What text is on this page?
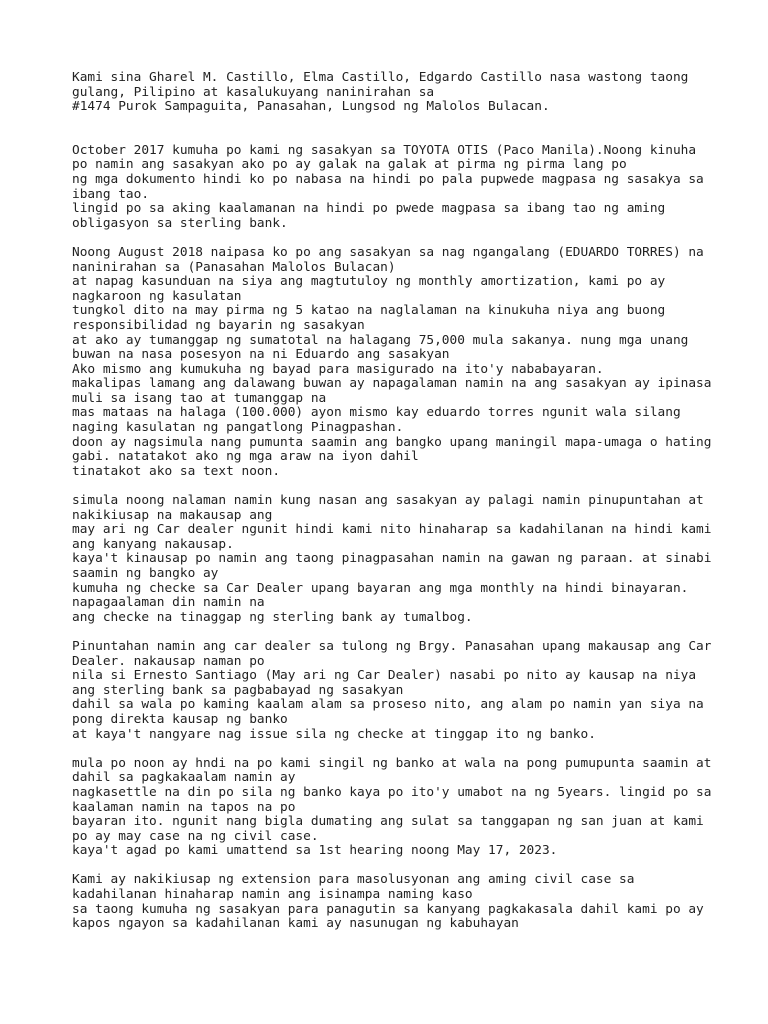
Kami sina Gharel M. Castillo, Elma Castillo, Edgardo Castillo nasa wastong taong
gulang, Pilipino at kasalukuyang naninirahan sa
#1474 Purok Sampaguita, Panasahan, Lungsod ng Malolos Bulacan.
October 2017 kumuha po kami ng sasakyan sa TOYOTA OTIS (Paco Manila).Noong kinuha
po namin ang sasakyan ako po ay galak na galak at pirma ng pirma lang po
ng mga dokumento hindi ko po nabasa na hindi po pala pupwede magpasa ng sasakya sa
ibang tao.
lingid po sa aking kaalamanan na hindi po pwede magpasa sa ibang tao ng aming
obligasyon sa sterling bank.
Noong August 2018 naipasa ko po ang sasakyan sa nag ngangalang (EDUARDO TORRES) na
naninirahan sa (Panasahan Malolos Bulacan)
at napag kasunduan na siya ang magtutuloy ng monthly amortization, kami po ay
nagkaroon ng kasulatan
tungkol dito na may pirma ng 5 katao na naglalaman na kinukuha niya ang buong
responsibilidad ng bayarin ng sasakyan
at ako ay tumanggap ng sumatotal na halagang 75,000 mula sakanya. nung mga unang
buwan na nasa posesyon na ni Eduardo ang sasakyan
Ako mismo ang kumukuha ng bayad para masigurado na ito'y nababayaran.
makalipas lamang ang dalawang buwan ay napagalaman namin na ang sasakyan ay ipinasa
muli sa isang tao at tumanggap na
mas mataas na halaga (100.000) ayon mismo kay eduardo torres ngunit wala silang
naging kasulatan ng pangatlong Pinagpashan.
doon ay nagsimula nang pumunta saamin ang bangko upang maningil mapa-umaga o hating
gabi. natatakot ako ng mga araw na iyon dahil
tinatakot ako sa text noon.
simula noong nalaman namin kung nasan ang sasakyan ay palagi namin pinupuntahan at
nakikiusap na makausap ang
may ari ng Car dealer ngunit hindi kami nito hinaharap sa kadahilanan na hindi kami
ang kanyang nakausap.
kaya't kinausap po namin ang taong pinagpasahan namin na gawan ng paraan. at sinabi
saamin ng bangko ay
kumuha ng checke sa Car Dealer upang bayaran ang mga monthly na hindi binayaran.
napagaalaman din namin na
ang checke na tinaggap ng sterling bank ay tumalbog.
Pinuntahan namin ang car dealer sa tulong ng Brgy. Panasahan upang makausap ang Car
Dealer. nakausap naman po
nila si Ernesto Santiago (May ari ng Car Dealer) nasabi po nito ay kausap na niya
ang sterling bank sa pagbabayad ng sasakyan
dahil sa wala po kaming kaalam alam sa proseso nito, ang alam po namin yan siya na
pong direkta kausap ng banko
at kaya't nangyare nag issue sila ng checke at tinggap ito ng banko.
mula po noon ay hndi na po kami singil ng banko at wala na pong pumupunta saamin at
dahil sa pagkakaalam namin ay
nagkasettle na din po sila ng banko kaya po ito'y umabot na ng 5years. lingid po sa
kaalaman namin na tapos na po
bayaran ito. ngunit nang bigla dumating ang sulat sa tanggapan ng san juan at kami
po ay may case na ng civil case.
kaya't agad po kami umattend sa 1st hearing noong May 17, 2023.
Kami ay nakikiusap ng extension para masolusyonan ang aming civil case sa
kadahilanan hinaharap namin ang isinampa naming kaso
sa taong kumuha ng sasakyan para panagutin sa kanyang pagkakasala dahil kami po ay
kapos ngayon sa kadahilanan kami ay nasunugan ng kabuhayan
